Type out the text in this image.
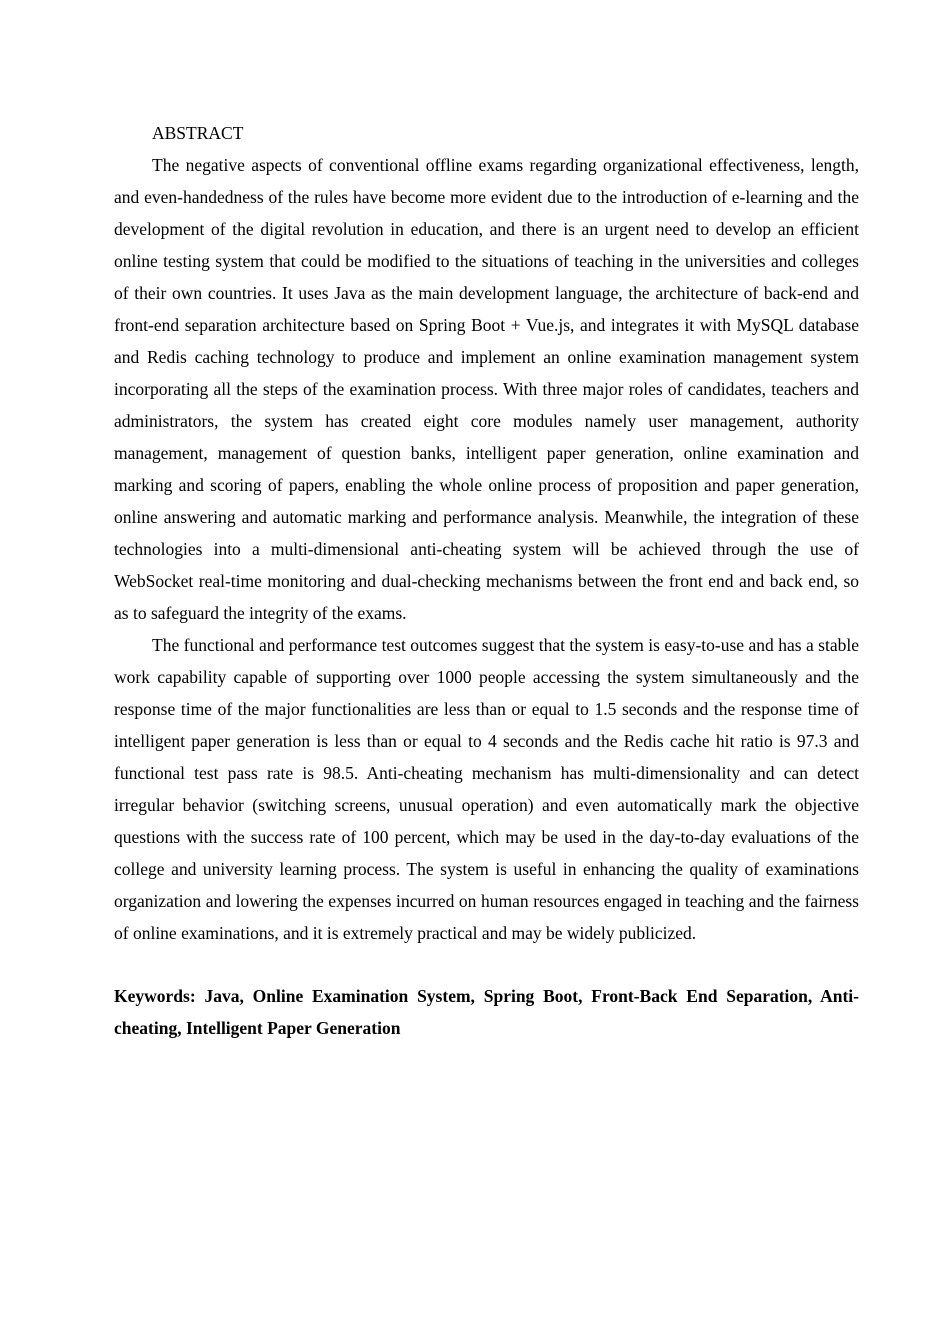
ABSTRACT

The negative aspects of conventional offline exams regarding organizational effectiveness, length, and even-handedness of the rules have become more evident due to the introduction of e-learning and the development of the digital revolution in education, and there is an urgent need to develop an efficient online testing system that could be modified to the situations of teaching in the universities and colleges of their own countries. It uses Java as the main development language, the architecture of back-end and front-end separation architecture based on Spring Boot + Vue.js, and integrates it with MySQL database and Redis caching technology to produce and implement an online examination management system incorporating all the steps of the examination process. With three major roles of candidates, teachers and administrators, the system has created eight core modules namely user management, authority management, management of question banks, intelligent paper generation, online examination and marking and scoring of papers, enabling the whole online process of proposition and paper generation, online answering and automatic marking and performance analysis. Meanwhile, the integration of these technologies into a multi-dimensional anti-cheating system will be achieved through the use of WebSocket real-time monitoring and dual-checking mechanisms between the front end and back end, so as to safeguard the integrity of the exams.

The functional and performance test outcomes suggest that the system is easy-to-use and has a stable work capability capable of supporting over 1000 people accessing the system simultaneously and the response time of the major functionalities are less than or equal to 1.5 seconds and the response time of intelligent paper generation is less than or equal to 4 seconds and the Redis cache hit ratio is 97.3 and functional test pass rate is 98.5. Anti-cheating mechanism has multi-dimensionality and can detect irregular behavior (switching screens, unusual operation) and even automatically mark the objective questions with the success rate of 100 percent, which may be used in the day-to-day evaluations of the college and university learning process. The system is useful in enhancing the quality of examinations organization and lowering the expenses incurred on human resources engaged in teaching and the fairness of online examinations, and it is extremely practical and may be widely publicized.

Keywords: Java, Online Examination System, Spring Boot, Front-Back End Separation, Anti-cheating, Intelligent Paper Generation
